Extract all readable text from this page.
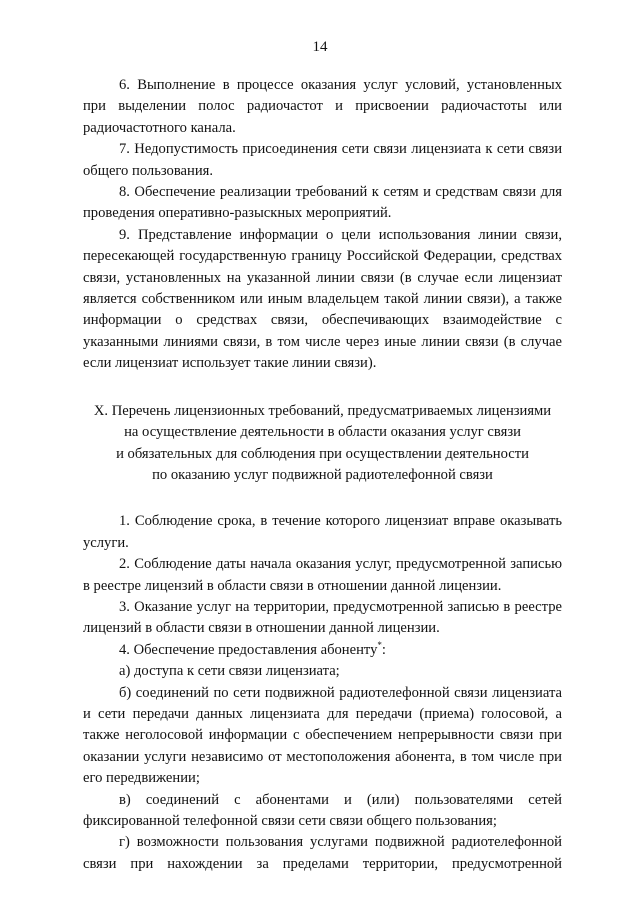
14

6. Выполнение в процессе оказания услуг условий, установленных при выделении полос радиочастот и присвоении радиочастоты или радиочастотного канала.

7. Недопустимость присоединения сети связи лицензиата к сети связи общего пользования.

8. Обеспечение реализации требований к сетям и средствам связи для проведения оперативно-разыскных мероприятий.

9. Представление информации о цели использования линии связи, пересекающей государственную границу Российской Федерации, средствах связи, установленных на указанной линии связи (в случае если лицензиат является собственником или иным владельцем такой линии связи), а также информации о средствах связи, обеспечивающих взаимодействие с указанными линиями связи, в том числе через иные линии связи (в случае если лицензиат использует такие линии связи).

X. Перечень лицензионных требований, предусматриваемых лицензиями
на осуществление деятельности в области оказания услуг связи
и обязательных для соблюдения при осуществлении деятельности
по оказанию услуг подвижной радиотелефонной связи

1. Соблюдение срока, в течение которого лицензиат вправе оказывать услуги.

2. Соблюдение даты начала оказания услуг, предусмотренной записью в реестре лицензий в области связи в отношении данной лицензии.

3. Оказание услуг на территории, предусмотренной записью в реестре лицензий в области связи в отношении данной лицензии.

4. Обеспечение предоставления абоненту*:

а) доступа к сети связи лицензиата;

б) соединений по сети подвижной радиотелефонной связи лицензиата и сети передачи данных лицензиата для передачи (приема) голосовой, а также неголосовой информации с обеспечением непрерывности связи при оказании услуги независимо от местоположения абонента, в том числе при его передвижении;

в) соединений с абонентами и (или) пользователями сетей фиксированной телефонной связи сети связи общего пользования;

г) возможности пользования услугами подвижной радиотелефонной связи при нахождении за пределами территории, предусмотренной
